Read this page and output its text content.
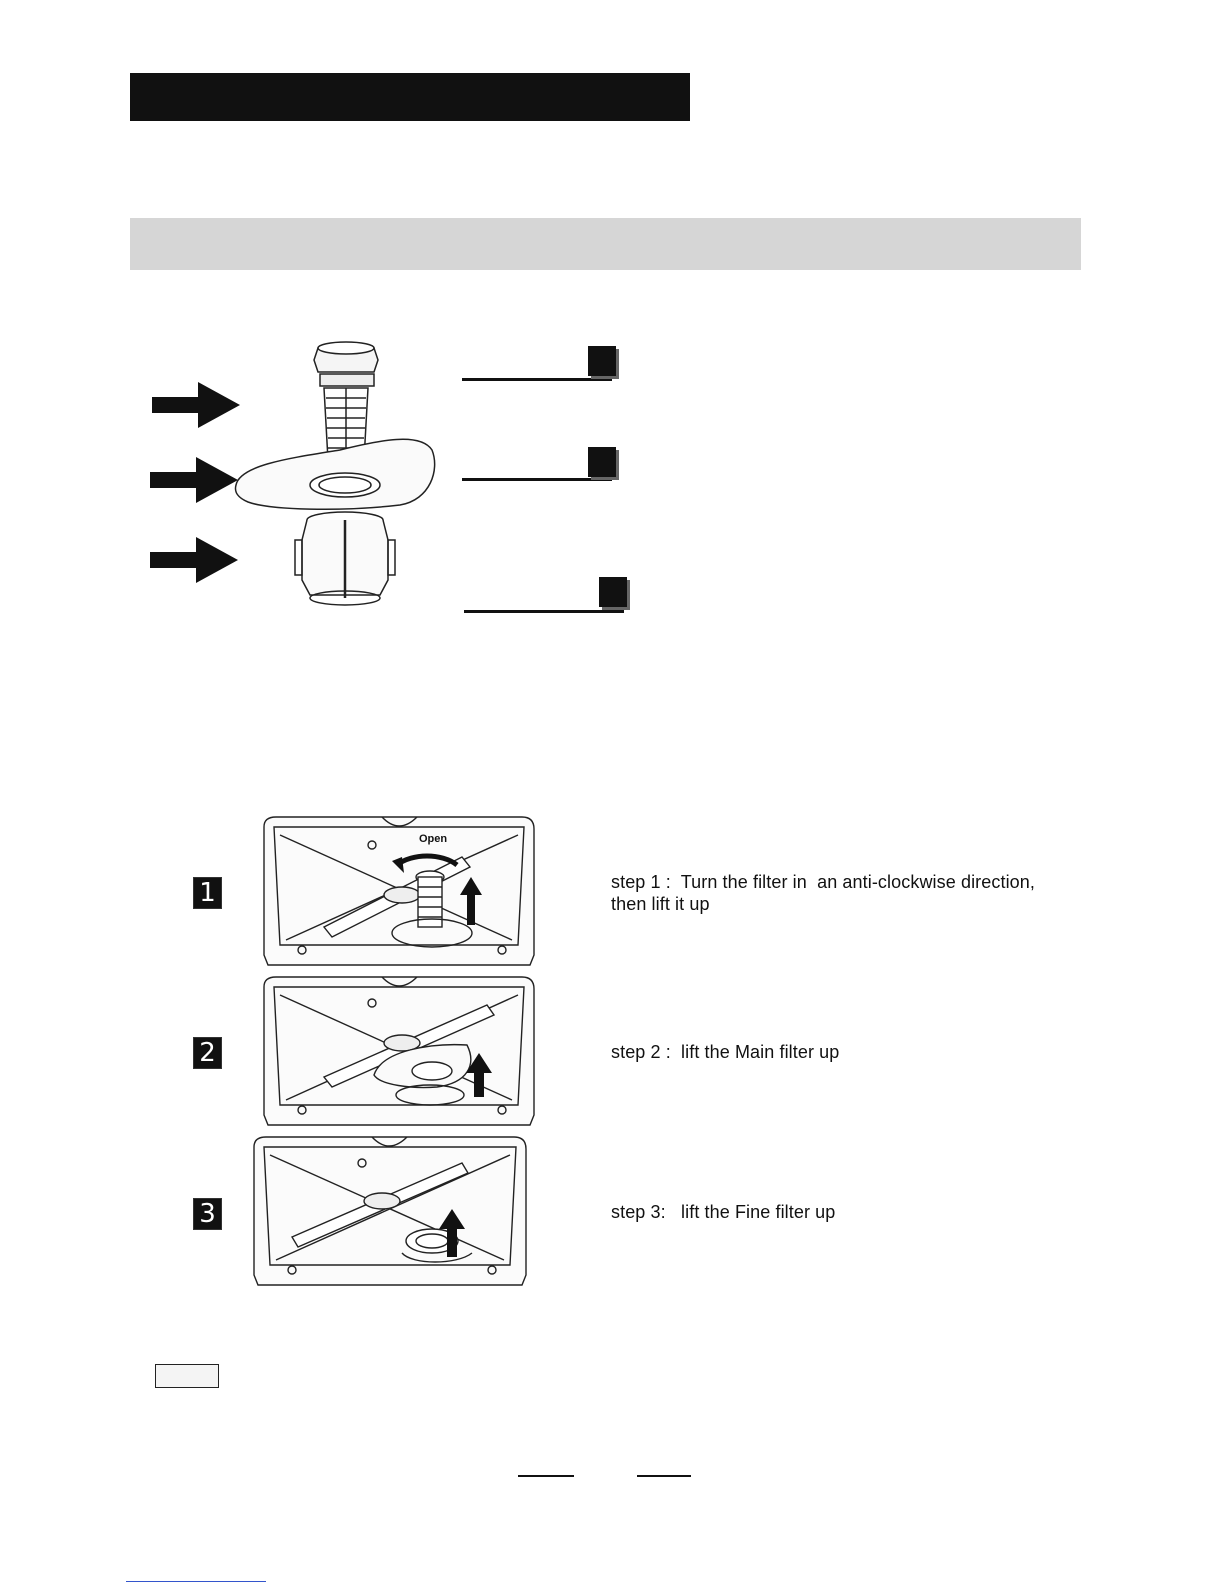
1
Open
step 1 :  Turn the filter in  an anti-clockwise direction,
then lift it up
2	step 2 :  lift the Main filter up
3	step 3:   lift the Fine filter up
